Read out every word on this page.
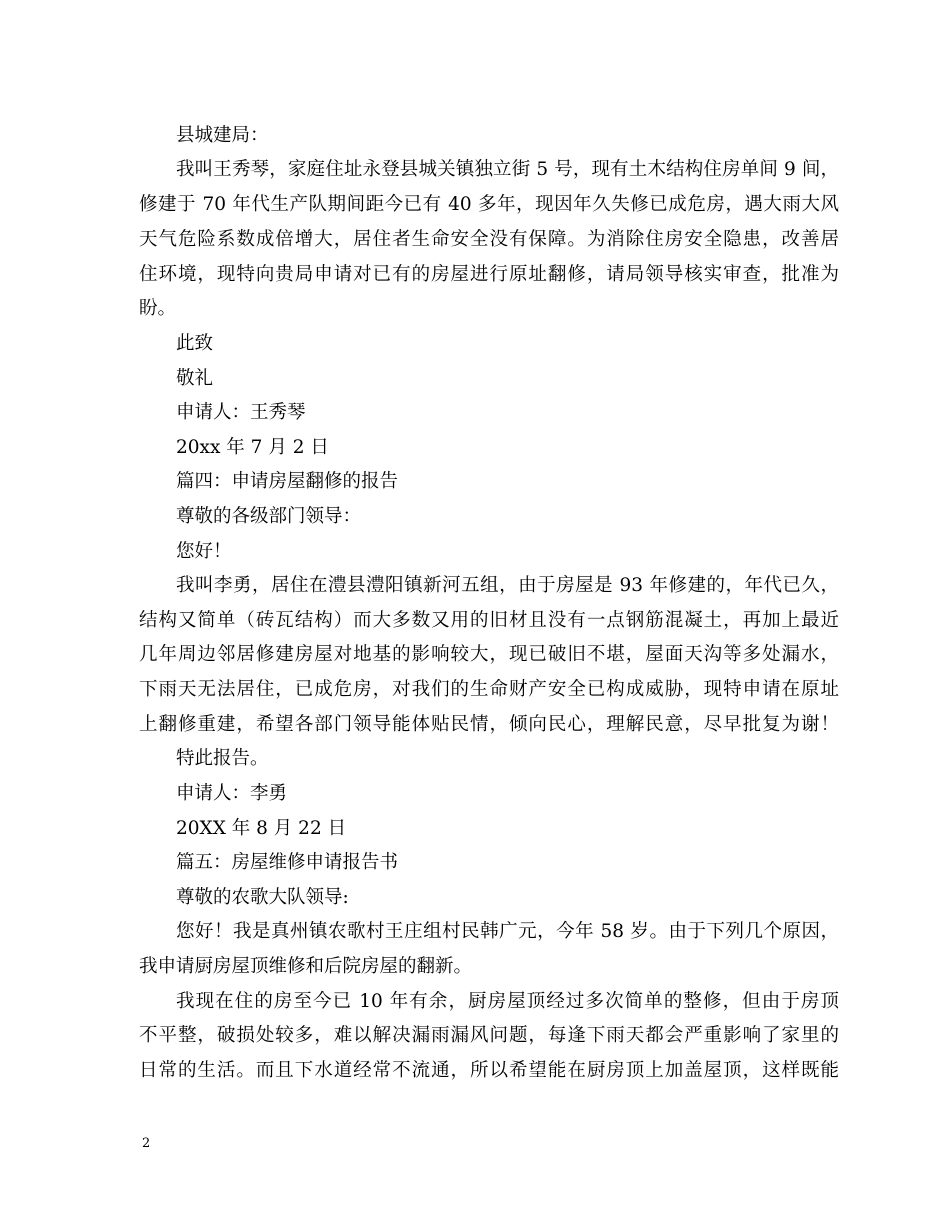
县城建局：
我叫王秀琴，家庭住址永登县城关镇独立街 5 号，现有土木结构住房单间 9 间，
修建于 70 年代生产队期间距今已有 40 多年，现因年久失修已成危房，遇大雨大风
天气危险系数成倍增大，居住者生命安全没有保障。为消除住房安全隐患，改善居
住环境，现特向贵局申请对已有的房屋进行原址翻修，请局领导核实审查，批准为
盼。
此致
敬礼
申请人：王秀琴
20xx 年 7 月 2 日
篇四：申请房屋翻修的报告
尊敬的各级部门领导：
您好！
我叫李勇，居住在澧县澧阳镇新河五组，由于房屋是 93 年修建的，年代已久，
结构又简单（砖瓦结构）而大多数又用的旧材且没有一点钢筋混凝土，再加上最近
几年周边邻居修建房屋对地基的影响较大，现已破旧不堪，屋面天沟等多处漏水，
下雨天无法居住，已成危房，对我们的生命财产安全已构成威胁，现特申请在原址
上翻修重建，希望各部门领导能体贴民情，倾向民心，理解民意，尽早批复为谢！
特此报告。
申请人：李勇
20XX 年 8 月 22 日
篇五：房屋维修申请报告书
尊敬的农歌大队领导:
您好！我是真州镇农歌村王庄组村民韩广元，今年 58 岁。由于下列几个原因，
我申请厨房屋顶维修和后院房屋的翻新。
我现在住的房至今已 10 年有余，厨房屋顶经过多次简单的整修，但由于房顶
不平整，破损处较多，难以解决漏雨漏风问题，每逢下雨天都会严重影响了家里的
日常的生活。而且下水道经常不流通，所以希望能在厨房顶上加盖屋顶，这样既能
2
